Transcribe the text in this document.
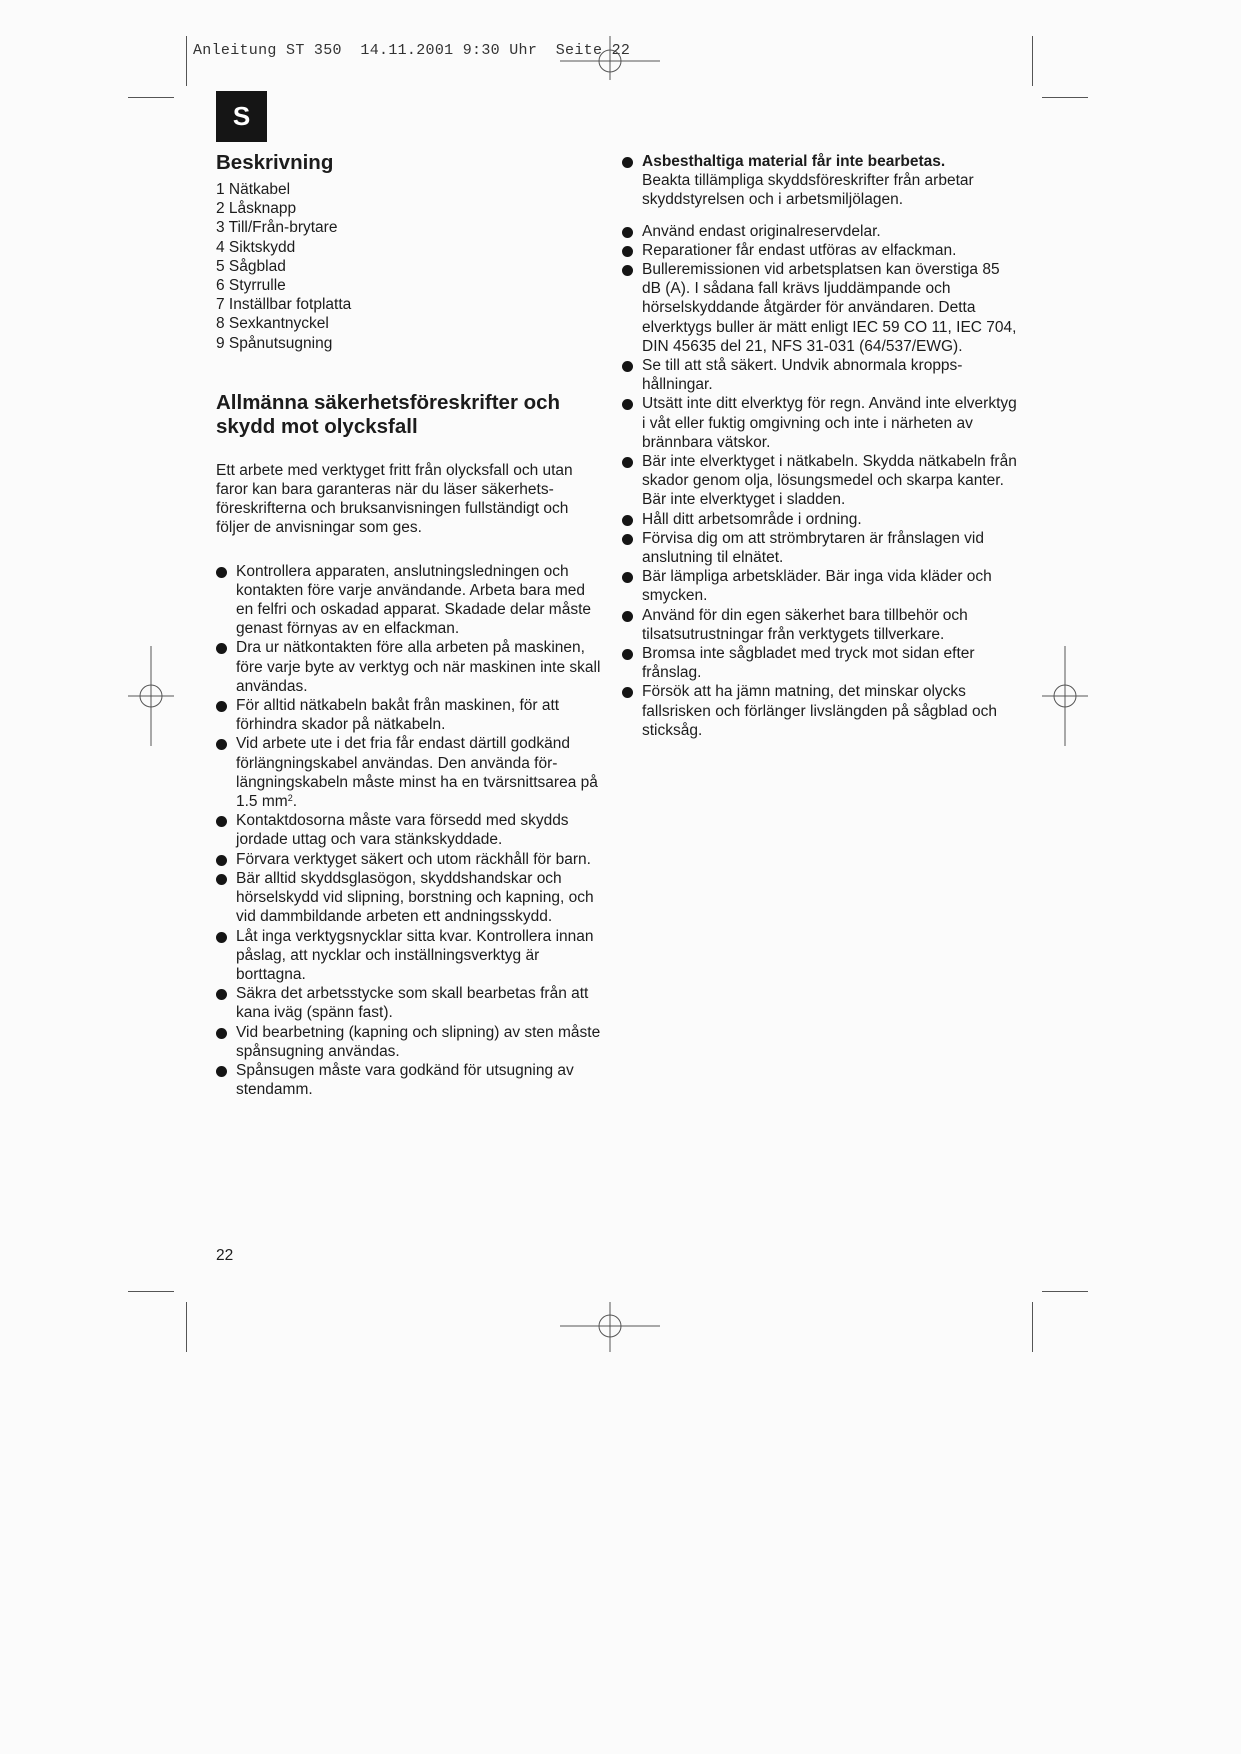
Anleitung ST 350  14.11.2001 9:30 Uhr  Seite 22
S
Beskrivning
1 Nätkabel
2 Låsknapp
3 Till/Från-brytare
4 Siktskydd
5 Sågblad
6 Styrrulle
7 Inställbar fotplatta
8 Sexkantnyckel
9 Spånutsugning
Allmänna säkerhetsföreskrifter och skydd mot olycksfall

Ett arbete med verktyget fritt från olycksfall och utan faror kan bara garanteras när du läser säkerhets-föreskrifterna och bruksanvisningen fullständigt och följer de anvisningar som ges.

Kontrollera apparaten, anslutningsledningen och kontakten före varje användande. Arbeta bara med en felfri och oskadad apparat. Skadade delar måste genast förnyas av en elfackman.
Dra ur nätkontakten före alla arbeten på maskinen, före varje byte av verktyg och när maskinen inte skall användas.
För alltid nätkabeln bakåt från maskinen, för att förhindra skador på nätkabeln.
Vid arbete ute i det fria får endast därtill godkänd förlängningskabel användas. Den använda för-längningskabeln måste minst ha en tvärsnittsarea på 1.5 $mm^2$.
Kontaktdosorna måste vara försedd med skydds jordade uttag och vara stänkskyddade.
Förvara verktyget säkert och utom räckhåll för barn.
Bär alltid skyddsglasögon, skyddshandskar och hörselskydd vid slipning, borstning och kapning, och vid dammbildande arbeten ett andningsskydd.
Låt inga verktygsnycklar sitta kvar. Kontrollera innan påslag, att nycklar och inställningsverktyg är borttagna.
Säkra det arbetsstycke som skall bearbetas från att kana iväg (spänn fast).
Vid bearbetning (kapning och slipning) av sten måste spånsugning användas.
Spånsugen måste vara godkänd för utsugning av stendamm.
Asbesthaltiga material får inte bearbetas.
Beakta tillämpliga skyddsföreskrifter från arbetar skyddstyrelsen och i arbetsmiljölagen.
Använd endast originalreservdelar.
Reparationer får endast utföras av elfackman.
Bulleremissionen vid arbetsplatsen kan överstiga 85 dB (A). I sådana fall krävs ljuddämpande och hörselskyddande åtgärder för användaren. Detta elverktygs buller är mätt enligt IEC 59 CO 11, IEC 704, DIN 45635 del 21, NFS 31-031 (64/537/EWG).
Se till att stå säkert. Undvik abnormala kropps-hållningar.
Utsätt inte ditt elverktyg för regn. Använd inte elverktyg i våt eller fuktig omgivning och inte i närheten av brännbara vätskor.
Bär inte elverktyget i nätkabeln. Skydda nätkabeln från skador genom olja, lösungsmedel och skarpa kanter. Bär inte elverktyget i sladden.
Håll ditt arbetsområde i ordning.
Förvisa dig om att strömbrytaren är frånslagen vid anslutning til elnätet.
Bär lämpliga arbetskläder. Bär inga vida kläder och smycken.
Använd för din egen säkerhet bara tillbehör och tilsatsutrustningar från verktygets tillverkare.
Bromsa inte sågbladet med tryck mot sidan efter frånslag.
Försök att ha jämn matning, det minskar olycks fallsrisken och förlänger livslängden på sågblad och sticksåg.
22
